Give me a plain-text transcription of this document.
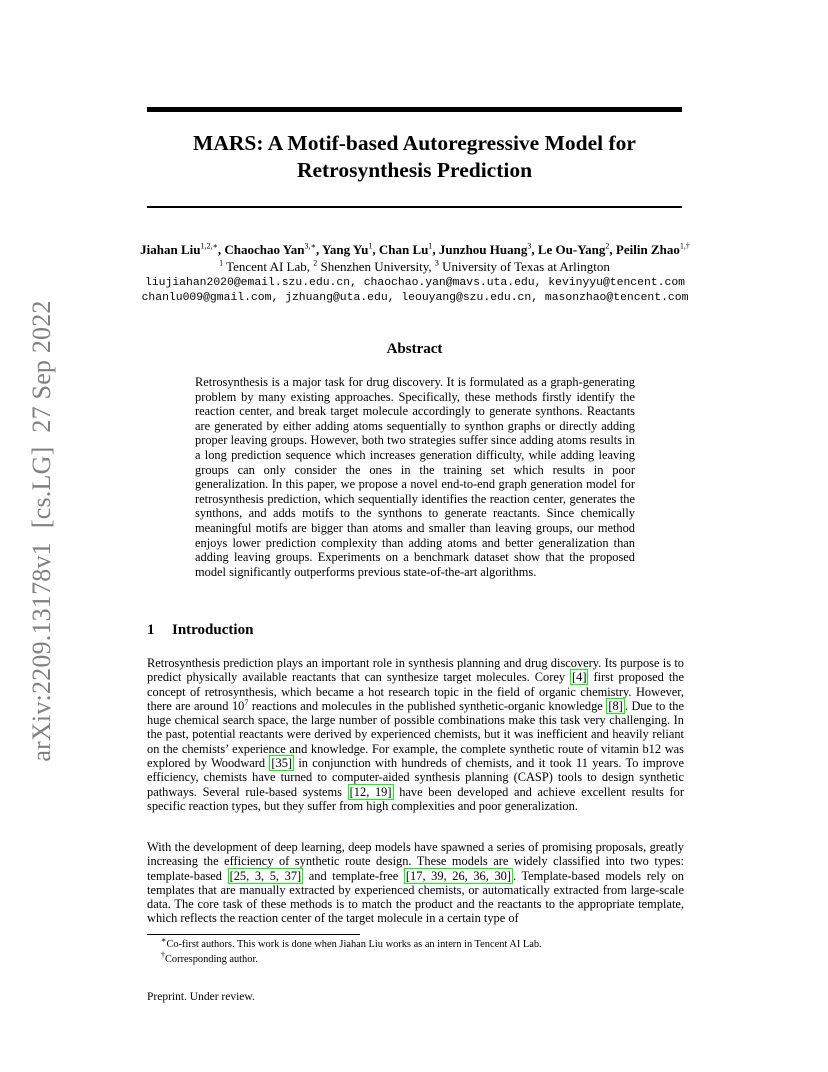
MARS: A Motif-based Autoregressive Model for
Retrosynthesis Prediction
Jiahan Liu$^{1,2,∗}$, Chaochao Yan$^{3,∗}$, Yang Yu$^1$, Chan Lu$^1$, Junzhou Huang$^3$, Le Ou-Yang$^2$, Peilin Zhao$^{1,\dagger}$
$^1$ Tencent AI Lab, $^2$ Shenzhen University, $^3$ University of Texas at Arlington
liujiahan2020@email.szu.edu.cn, chaochao.yan@mavs.uta.edu, kevinyyu@tencent.com
chanlu009@gmail.com, jzhuang@uta.edu, leouyang@szu.edu.cn, masonzhao@tencent.com
Abstract
Retrosynthesis is a major task for drug discovery. It is formulated as a graph-generating problem by many existing approaches. Specifically, these methods firstly identify the reaction center, and break target molecule accordingly to generate synthons. Reactants are generated by either adding atoms sequentially to synthon graphs or directly adding proper leaving groups. However, both two strategies suffer since adding atoms results in a long prediction sequence which increases generation difficulty, while adding leaving groups can only consider the ones in the training set which results in poor generalization. In this paper, we propose a novel end-to-end graph generation model for retrosynthesis prediction, which sequentially identifies the reaction center, generates the synthons, and adds motifs to the synthons to generate reactants. Since chemically meaningful motifs are bigger than atoms and smaller than leaving groups, our method enjoys lower prediction complexity than adding atoms and better generalization than adding leaving groups. Experiments on a benchmark dataset show that the proposed model significantly outperforms previous state-of-the-art algorithms.
1 Introduction
Retrosynthesis prediction plays an important role in synthesis planning and drug discovery. Its purpose is to predict physically available reactants that can synthesize target molecules. Corey [4] first proposed the concept of retrosynthesis, which became a hot research topic in the field of organic chemistry. However, there are around $10^7$ reactions and molecules in the published synthetic-organic knowledge [8] . Due to the huge chemical search space, the large number of possible combinations make this task very challenging. In the past, potential reactants were derived by experienced chemists, but it was inefficient and heavily reliant on the chemists’ experience and knowledge. For example, the complete synthetic route of vitamin b12 was explored by Woodward [35] in conjunction with hundreds of chemists, and it took 11 years. To improve efficiency, chemists have turned to computer-aided synthesis planning (CASP) tools to design synthetic pathways. Several rule-based systems [12, 19] have been developed and achieve excellent results for specific reaction types, but they suffer from high complexities and poor generalization.
With the development of deep learning, deep models have spawned a series of promising proposals, greatly increasing the efficiency of synthetic route design. These models are widely classified into two types: template-based [25, 3, 5, 37] and template-free [17, 39, 26, 36, 30] . Template-based models rely on templates that are manually extracted by experienced chemists, or automatically extracted from large-scale data. The core task of these methods is to match the product and the reactants to the appropriate template, which reflects the reaction center of the target molecule in a certain type of
∗Co-first authors. This work is done when Jiahan Liu works as an intern in Tencent AI Lab.
†Corresponding author.
Preprint. Under review.
arXiv:2209.13178v1[cs.LG]27 Sep 2022
